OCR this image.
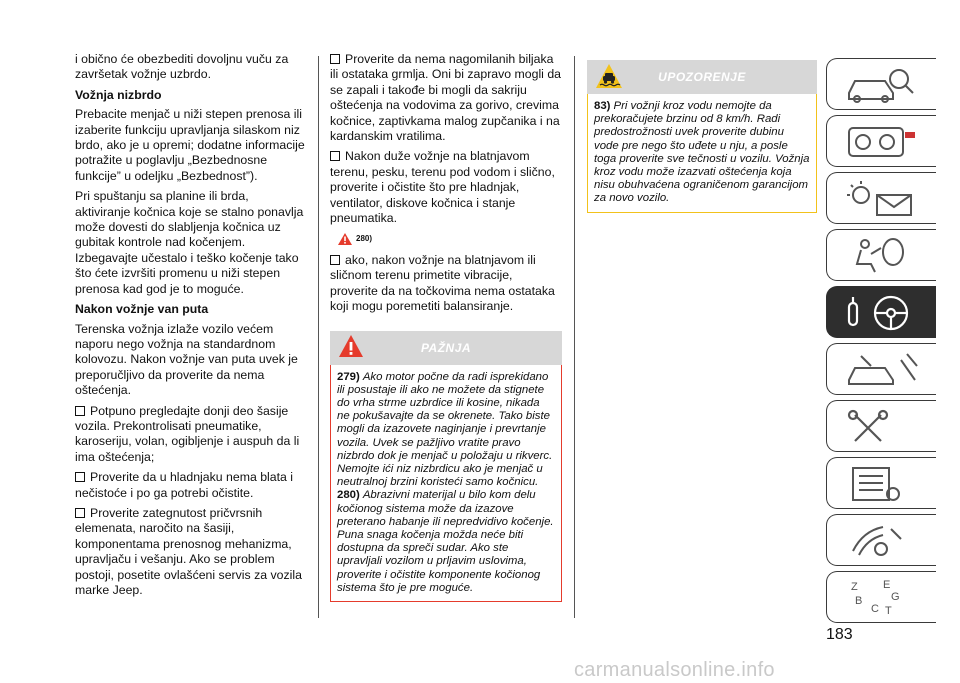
i obično će obezbediti dovoljnu vuču za završetak vožnje uzbrdo.

Vožnja nizbrdo

Prebacite menjač u niži stepen prenosa ili izaberite funkciju upravljanja silaskom niz brdo, ako je u opremi; dodatne informacije potražite u poglavlju „Bezbednosne funkcije” u odeljku „Bezbednost”).

Pri spuštanju sa planine ili brda, aktiviranje kočnica koje se stalno ponavlja može dovesti do slabljenja kočnica uz gubitak kontrole nad kočenjem. Izbegavajte učestalo i teško kočenje tako što ćete izvršiti promenu u niži stepen prenosa kad god je to moguće.

Nakon vožnje van puta

Terenska vožnja izlaže vozilo većem naporu nego vožnja na standardnom kolovozu. Nakon vožnje van puta uvek je preporučljivo da proverite da nema oštećenja.

Potpuno pregledajte donji deo šasije vozila. Prekontrolisati pneumatike, karoseriju, volan, ogibljenje i auspuh da li ima oštećenja;

Proverite da u hladnjaku nema blata i nečistoće i po ga potrebi očistite.

Proverite zategnutost pričvrsnih elemenata, naročito na šasiji, komponentama prenosnog mehanizma, upravljaču i vešanju. Ako se problem postoji, posetite ovlašćeni servis za vozila marke Jeep.

Proverite da nema nagomilanih biljaka ili ostataka grmlja. Oni bi zapravo mogli da se zapali i takođe bi mogli da sakriju oštećenja na vodovima za gorivo, crevima kočnice, zaptivkama malog zupčanika i na kardanskim vratilima.

Nakon duže vožnje na blatnjavom terenu, pesku, terenu pod vodom i slično, proverite i očistite što pre hladnjak, ventilator, diskove kočnica i stanje pneumatika.

280)

ako, nakon vožnje na blatnjavom ili sličnom terenu primetite vibracije, proverite da na točkovima nema ostataka koji mogu poremetiti balansiranje.

PAŽNJA
279) Ako motor počne da radi isprekidano ili posustaje ili ako ne možete da stignete do vrha strme uzbrdice ili kosine, nikada ne pokušavajte da se okrenete. Tako biste mogli da izazovete naginjanje i prevrtanje vozila. Uvek se pažljivo vratite pravo nizbrdo dok je menjač u položaju u rikverc. Nemojte ići niz nizbrdicu ako je menjač u neutralnoj brzini koristeći samo kočnicu.
280) Abrazivni materijal u bilo kom delu kočionog sistema može da izazove preterano habanje ili nepredvidivo kočenje. Puna snaga kočenja možda neće biti dostupna da spreči sudar. Ako ste upravljali vozilom u prljavim uslovima, proverite i očistite komponente kočionog sistema što je pre moguće.
UPOZORENJE
83) Pri vožnji kroz vodu nemojte da prekoračujete brzinu od 8 km/h. Radi predostrožnosti uvek proverite dubinu vode pre nego što uđete u nju, a posle toga proverite sve tečnosti u vozilu. Vožnja kroz vodu može izazvati oštećenja koja nisu obuhvaćena ograničenom garancijom za novo vozilo.
Z E
B
C T
G
183
carmanualsonline.info
